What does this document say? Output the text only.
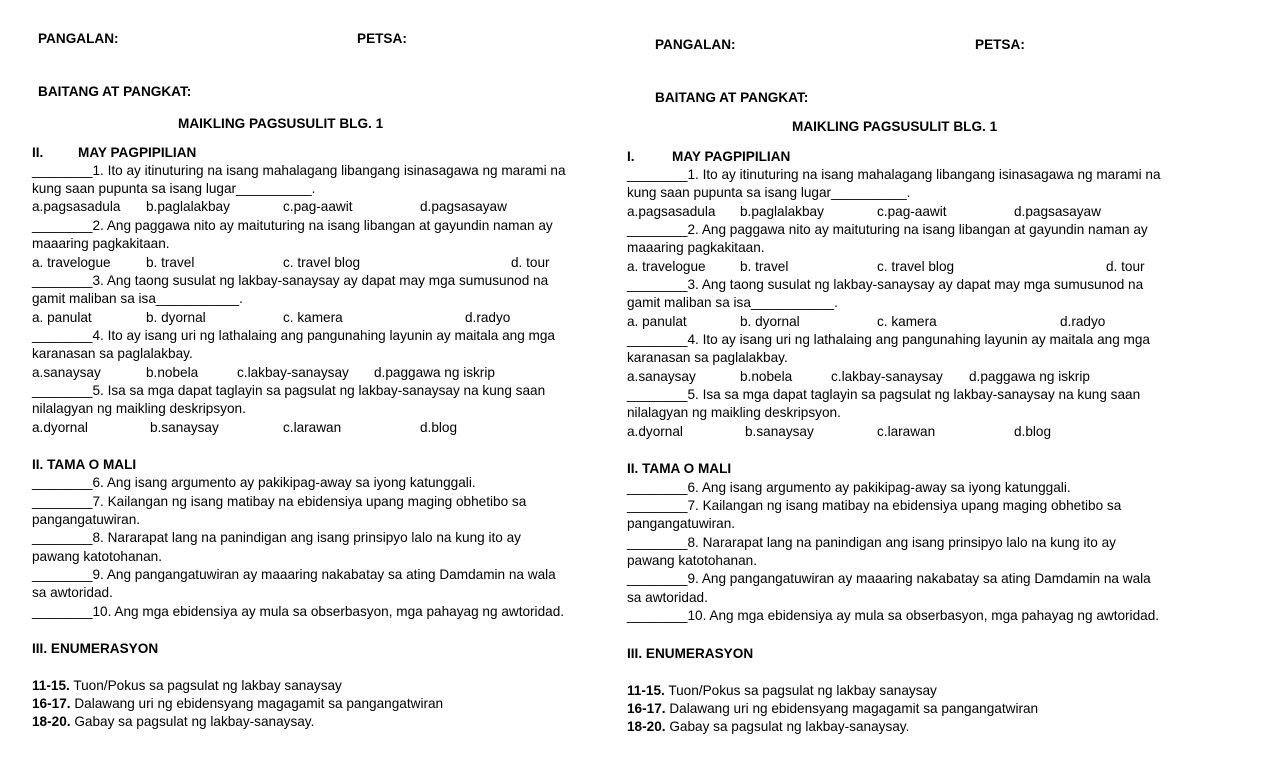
PANGALAN:	PETSA:
BAITANG AT PANGKAT:
MAIKLING PAGSUSULIT BLG. 1
II.	MAY PAGPIPILIAN
________1. Ito ay itinuturing na isang mahalagang libangang isinasagawa ng marami na
kung saan pupunta sa isang lugar__________.
a.pagsasadula b.paglalakbay	c.pag-aawit	d.pagsasayaw
________2. Ang paggawa nito ay maituturing na isang libangan at gayundin naman ay
maaaring pagkakitaan.
a. travelogue	b. travel	c. travel blog	d. tour
________3. Ang taong susulat ng lakbay-sanaysay ay dapat may mga sumusunod na
gamit maliban sa isa___________.
a. panulat	b. dyornal	c. kamera	d.radyo
________4. Ito ay isang uri ng lathalaing ang pangunahing layunin ay maitala ang mga
karanasan sa paglalakbay.
a.sanaysay	b.nobela	c.lakbay-sanaysay d.paggawa ng iskrip
________5. Isa sa mga dapat taglayin sa pagsulat ng lakbay-sanaysay na kung saan
nilalagyan ng maikling deskripsyon.
a.dyornal	b.sanaysay	c.larawan	d.blog
II. TAMA O MALI
________6. Ang isang argumento ay pakikipag-away sa iyong katunggali.
________7. Kailangan ng isang matibay na ebidensiya upang maging obhetibo sa
pangangatuwiran.
________8. Nararapat lang na panindigan ang isang prinsipyo lalo na kung ito ay
pawang katotohanan.
________9. Ang pangangatuwiran ay maaaring nakabatay sa ating Damdamin na wala
sa awtoridad.
________10. Ang mga ebidensiya ay mula sa obserbasyon, mga pahayag ng awtoridad.
III. ENUMERASYON
11-15. Tuon/Pokus sa pagsulat ng lakbay sanaysay
16-17. Dalawang uri ng ebidensyang magagamit sa pangangatwiran
18-20. Gabay sa pagsulat ng lakbay-sanaysay.
PANGALAN:	PETSA:
BAITANG AT PANGKAT:
MAIKLING PAGSUSULIT BLG. 1
I.	MAY PAGPIPILIAN
________1. Ito ay itinuturing na isang mahalagang libangang isinasagawa ng marami na
kung saan pupunta sa isang lugar__________.
a.pagsasadula b.paglalakbay	c.pag-aawit	d.pagsasayaw
________2. Ang paggawa nito ay maituturing na isang libangan at gayundin naman ay
maaaring pagkakitaan.
a. travelogue	b. travel	c. travel blog	d. tour
________3. Ang taong susulat ng lakbay-sanaysay ay dapat may mga sumusunod na
gamit maliban sa isa___________.
a. panulat	b. dyornal	c. kamera	d.radyo
________4. Ito ay isang uri ng lathalaing ang pangunahing layunin ay maitala ang mga
karanasan sa paglalakbay.
a.sanaysay	b.nobela	c.lakbay-sanaysay d.paggawa ng iskrip
________5. Isa sa mga dapat taglayin sa pagsulat ng lakbay-sanaysay na kung saan
nilalagyan ng maikling deskripsyon.
a.dyornal	b.sanaysay	c.larawan	d.blog
II. TAMA O MALI
________6. Ang isang argumento ay pakikipag-away sa iyong katunggali.
________7. Kailangan ng isang matibay na ebidensiya upang maging obhetibo sa
pangangatuwiran.
________8. Nararapat lang na panindigan ang isang prinsipyo lalo na kung ito ay
pawang katotohanan.
________9. Ang pangangatuwiran ay maaaring nakabatay sa ating Damdamin na wala
sa awtoridad.
________10. Ang mga ebidensiya ay mula sa obserbasyon, mga pahayag ng awtoridad.
III. ENUMERASYON
11-15. Tuon/Pokus sa pagsulat ng lakbay sanaysay
16-17. Dalawang uri ng ebidensyang magagamit sa pangangatwiran
18-20. Gabay sa pagsulat ng lakbay-sanaysay.
